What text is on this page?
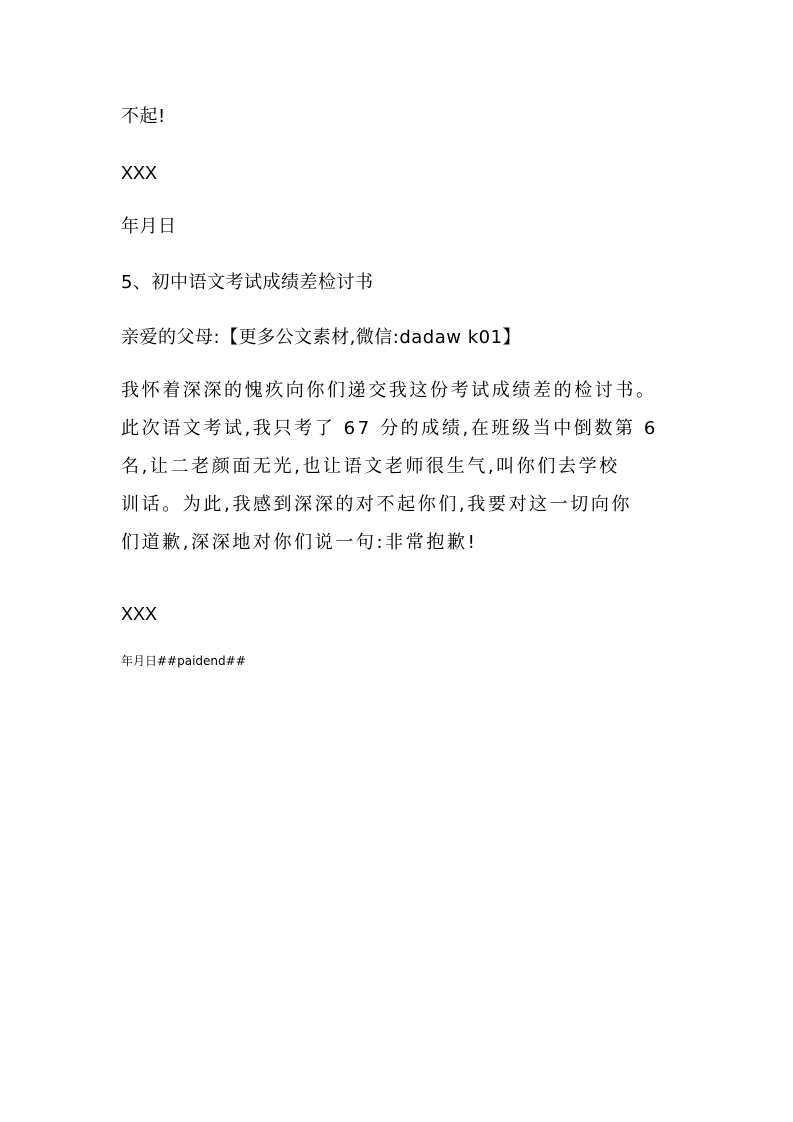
不起!
XXX
年月日
5、初中语文考试成绩差检讨书
亲爱的父母:【更多公文素材,微信:dadaw k01】
我怀着深深的愧疚向你们递交我这份考试成绩差的检讨书。
此次语文考试,我只考了 67 分的成绩,在班级当中倒数第 6
名,让二老颜面无光,也让语文老师很生气,叫你们去学校
训话。为此,我感到深深的对不起你们,我要对这一切向你
们道歉,深深地对你们说一句:非常抱歉!
XXX
年月日##paidend##
